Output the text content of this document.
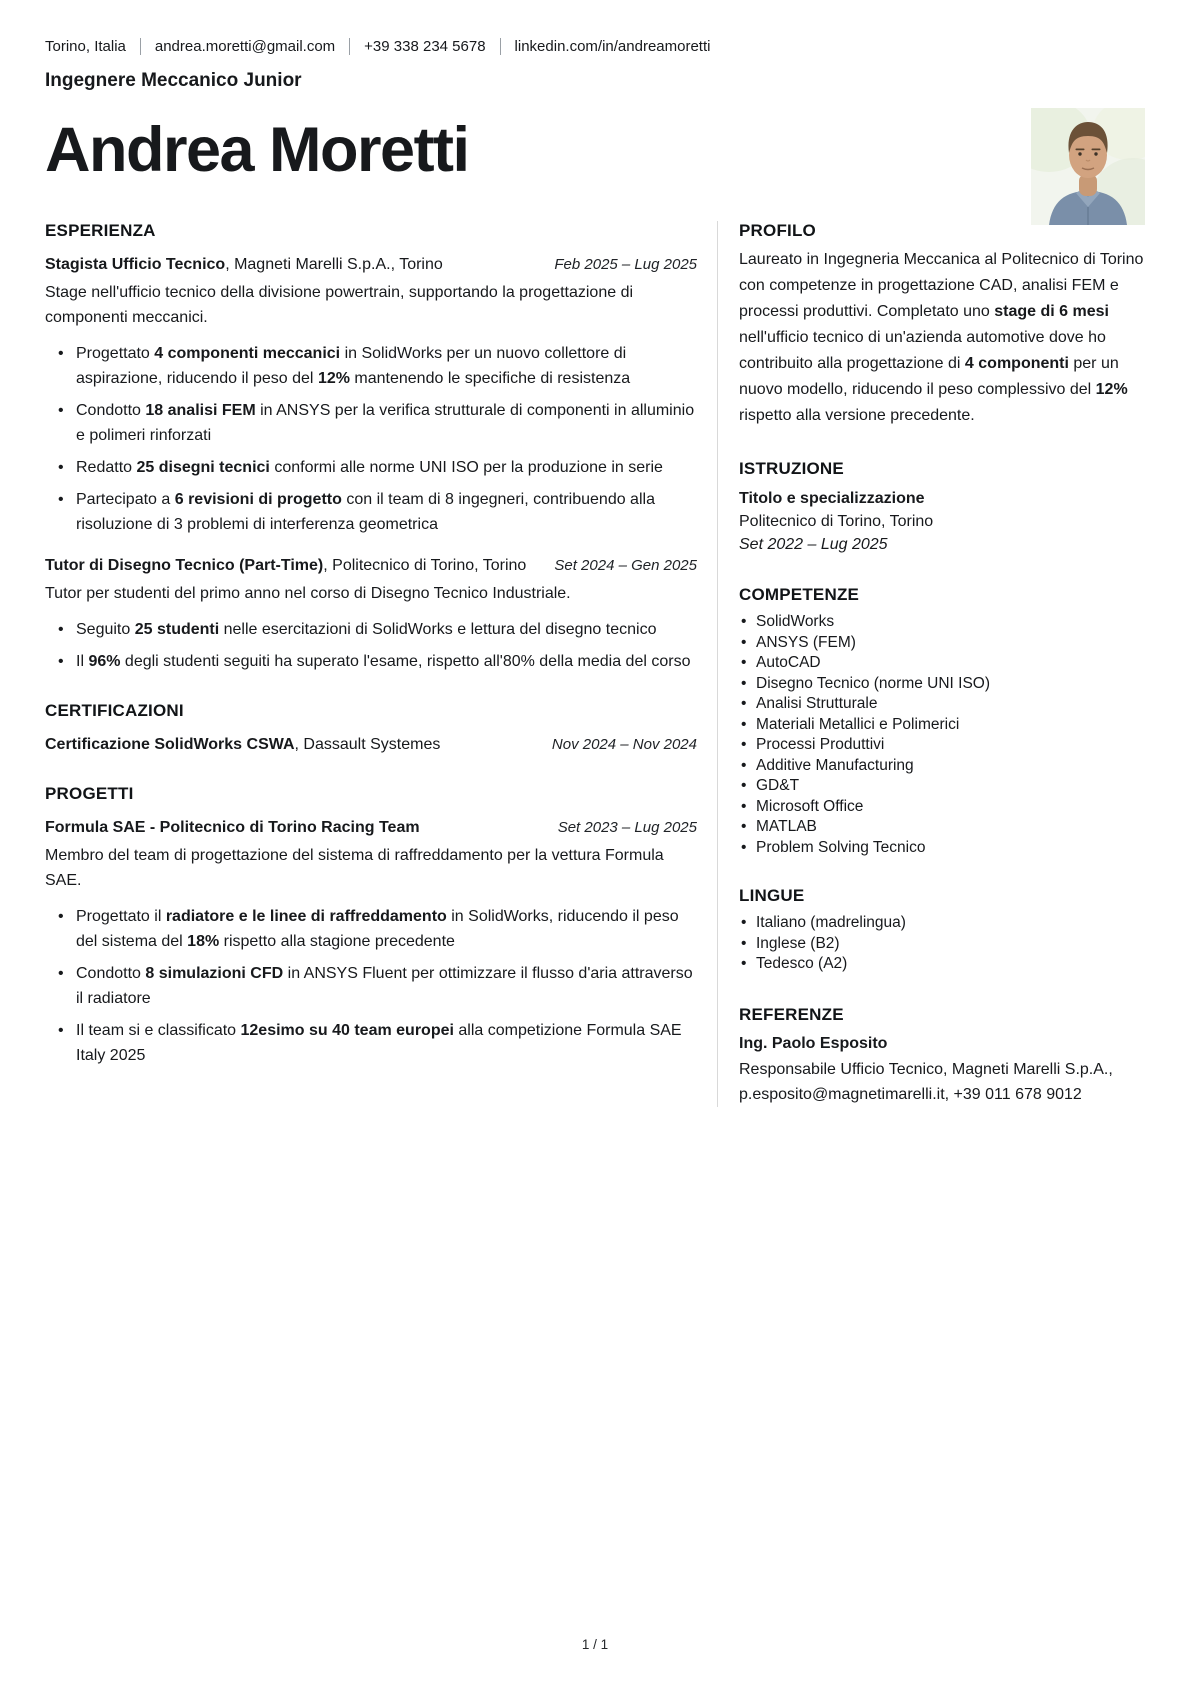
Torino, Italia andrea.moretti@gmail.com +39 338 234 5678 linkedin.com/in/andreamoretti
Ingegnere Meccanico Junior
Andrea Moretti
ESPERIENZA
Stagista Ufficio Tecnico, Magneti Marelli S.p.A., Torino	Feb 2025 – Lug 2025

Stage nell'ufficio tecnico della divisione powertrain, supportando la progettazione di componenti meccanici.

• Progettato 4 componenti meccanici in SolidWorks per un nuovo collettore di aspirazione, riducendo il peso del 12% mantenendo le specifiche di resistenza
• Condotto 18 analisi FEM in ANSYS per la verifica strutturale di componenti in alluminio e polimeri rinforzati
• Redatto 25 disegni tecnici conformi alle norme UNI ISO per la produzione in serie
• Partecipato a 6 revisioni di progetto con il team di 8 ingegneri, contribuendo alla risoluzione di 3 problemi di interferenza geometrica
Tutor di Disegno Tecnico (Part-Time), Politecnico di Torino, Torino Set 2024 – Gen 2025

Tutor per studenti del primo anno nel corso di Disegno Tecnico Industriale.

• Seguito 25 studenti nelle esercitazioni di SolidWorks e lettura del disegno tecnico
• Il 96% degli studenti seguiti ha superato l'esame, rispetto all'80% della media del corso
CERTIFICAZIONI
Certificazione SolidWorks CSWA, Dassault Systemes	Nov 2024 – Nov 2024
PROGETTI
Formula SAE - Politecnico di Torino Racing Team	Set 2023 – Lug 2025

Membro del team di progettazione del sistema di raffreddamento per la vettura Formula SAE.

• Progettato il radiatore e le linee di raffreddamento in SolidWorks, riducendo il peso del sistema del 18% rispetto alla stagione precedente
• Condotto 8 simulazioni CFD in ANSYS Fluent per ottimizzare il flusso d'aria attraverso il radiatore
• Il team si e classificato 12esimo su 40 team europei alla competizione Formula SAE Italy 2025
PROFILO

Laureato in Ingegneria Meccanica al Politecnico di Torino con competenze in progettazione CAD, analisi FEM e processi produttivi. Completato uno stage di 6 mesi nell'ufficio tecnico di un'azienda automotive dove ho contribuito alla progettazione di 4 componenti per un nuovo modello, riducendo il peso complessivo del 12% rispetto alla versione precedente.

ISTRUZIONE
Titolo e specializzazione
Politecnico di Torino, Torino
Set 2022 – Lug 2025
COMPETENZE
• SolidWorks
• ANSYS (FEM)
• AutoCAD
• Disegno Tecnico (norme UNI ISO)
• Analisi Strutturale
• Materiali Metallici e Polimerici
• Processi Produttivi
• Additive Manufacturing
• GD&T
• Microsoft Office
• MATLAB
• Problem Solving Tecnico
LINGUE
• Italiano (madrelingua)
• Inglese (B2)
• Tedesco (A2)
REFERENZE
Ing. Paolo Esposito

Responsabile Ufficio Tecnico, Magneti Marelli S.p.A., p.esposito@magnetimarelli.it, +39 011 678 9012

1 / 1
